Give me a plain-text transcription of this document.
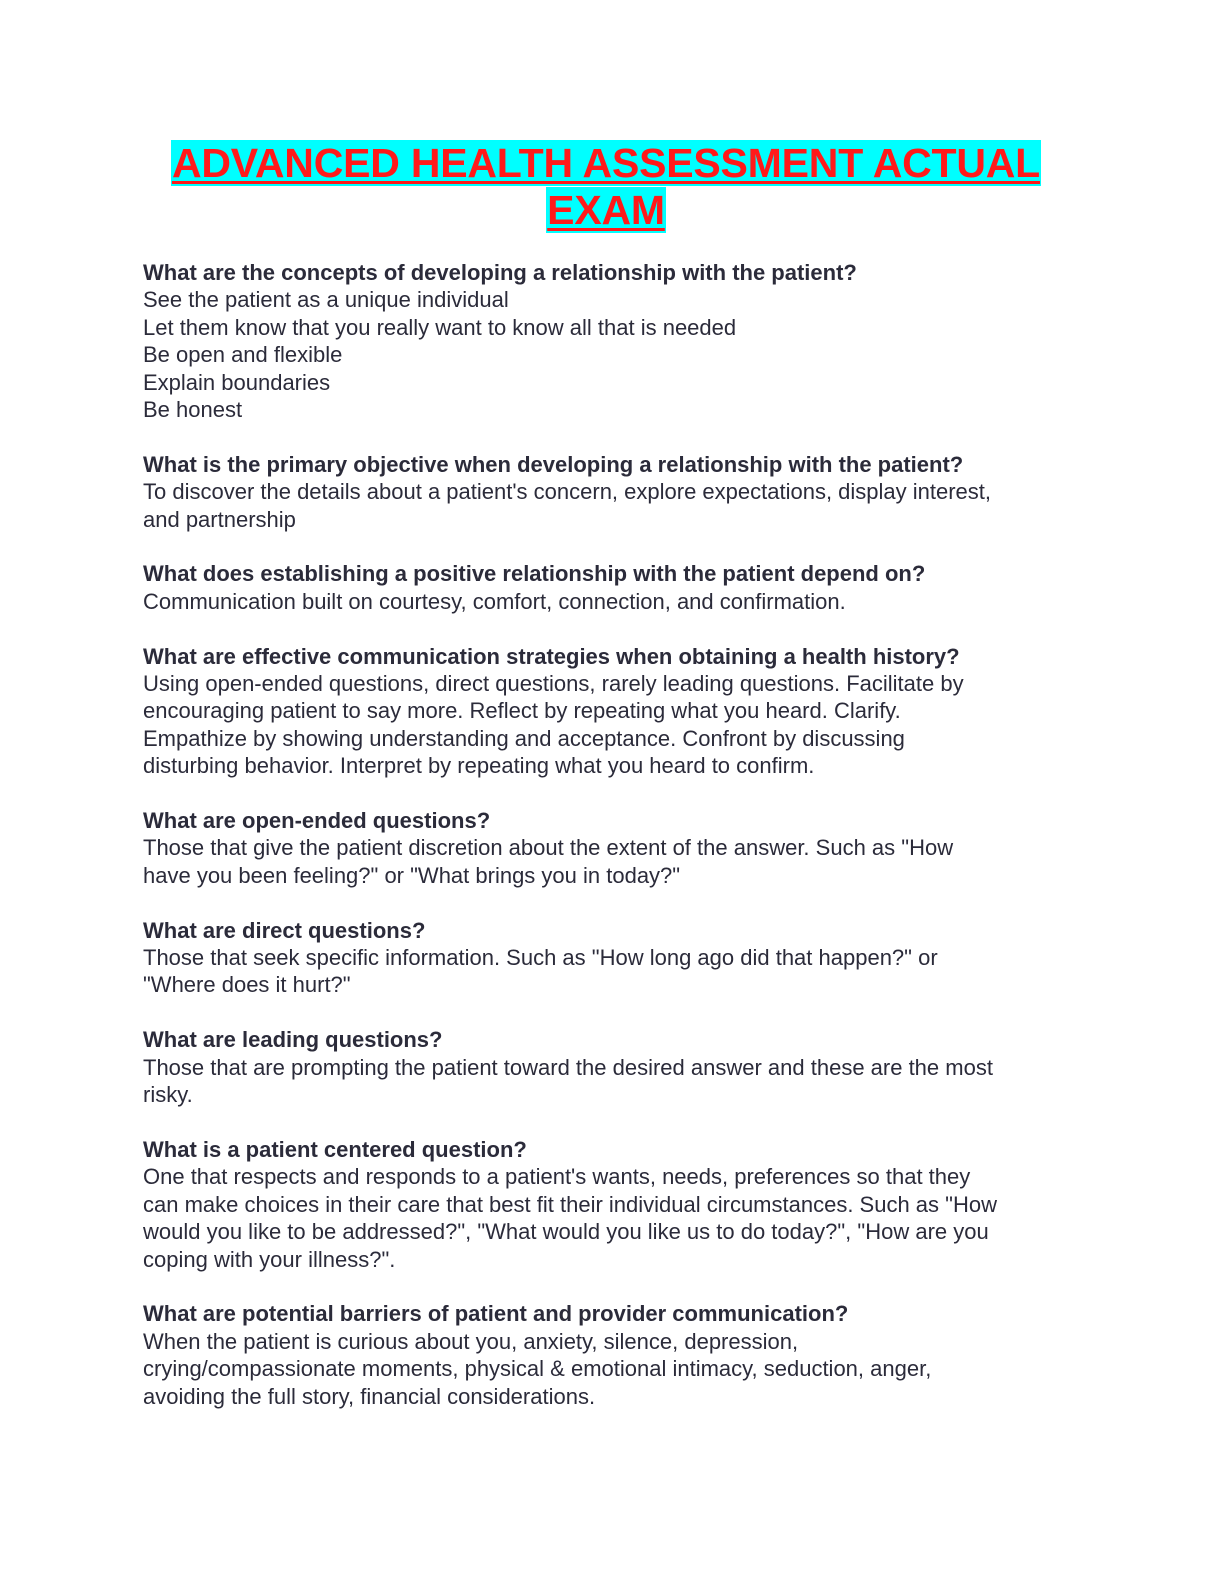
ADVANCED HEALTH ASSESSMENT ACTUAL
EXAM
What are the concepts of developing a relationship with the patient?
See the patient as a unique individual
Let them know that you really want to know all that is needed
Be open and flexible
Explain boundaries
Be honest
What is the primary objective when developing a relationship with the patient?
To discover the details about a patient's concern, explore expectations, display interest,
and partnership
What does establishing a positive relationship with the patient depend on?
Communication built on courtesy, comfort, connection, and confirmation.
What are effective communication strategies when obtaining a health history?
Using open-ended questions, direct questions, rarely leading questions. Facilitate by
encouraging patient to say more. Reflect by repeating what you heard. Clarify.
Empathize by showing understanding and acceptance. Confront by discussing
disturbing behavior. Interpret by repeating what you heard to confirm.
What are open-ended questions?
Those that give the patient discretion about the extent of the answer. Such as "How
have you been feeling?" or "What brings you in today?"
What are direct questions?
Those that seek specific information. Such as "How long ago did that happen?" or
"Where does it hurt?"
What are leading questions?
Those that are prompting the patient toward the desired answer and these are the most
risky.
What is a patient centered question?
One that respects and responds to a patient's wants, needs, preferences so that they
can make choices in their care that best fit their individual circumstances. Such as "How
would you like to be addressed?", "What would you like us to do today?", "How are you
coping with your illness?".
What are potential barriers of patient and provider communication?
When the patient is curious about you, anxiety, silence, depression,
crying/compassionate moments, physical & emotional intimacy, seduction, anger,
avoiding the full story, financial considerations.
